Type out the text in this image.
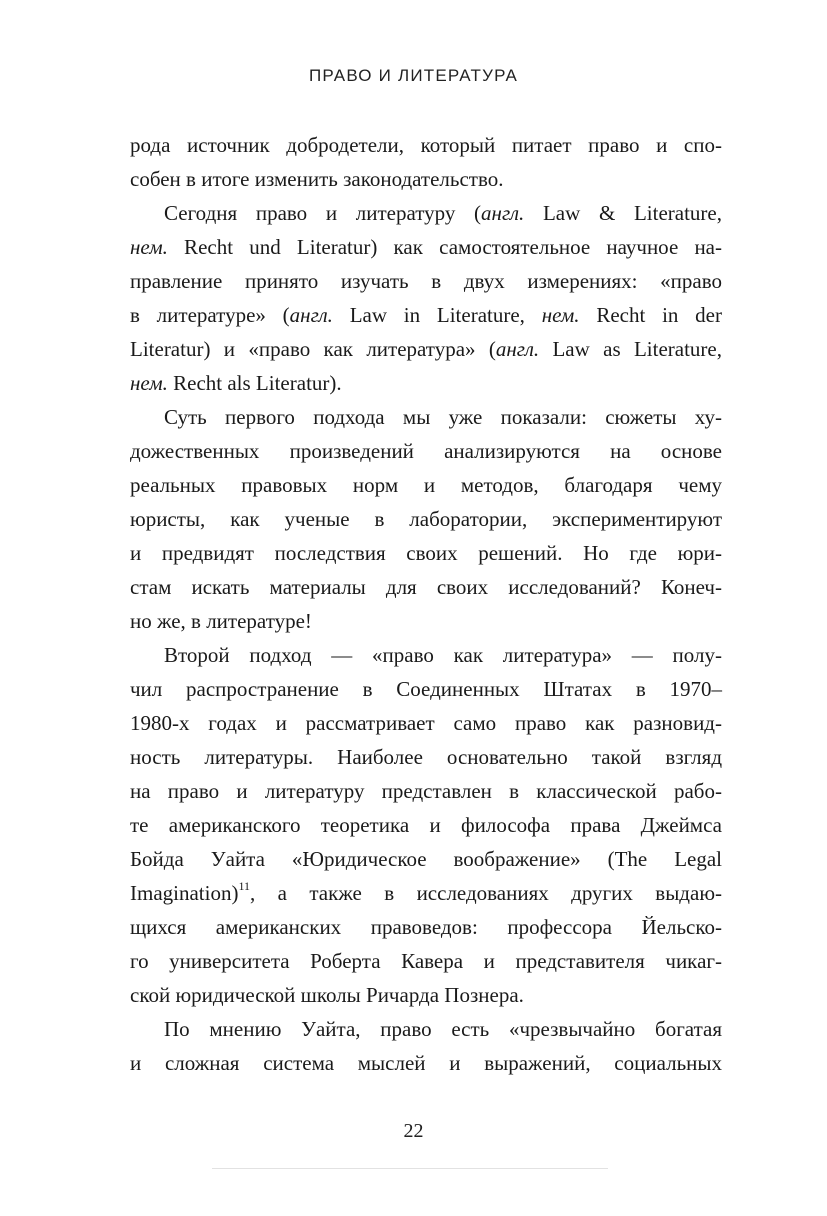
ПРАВО И ЛИТЕРАТУРА
рода источник добродетели, который питает право и спо-
собен в итоге изменить законодательство.
Сегодня право и литературу (англ. Law & Literature,
нем. Recht und Literatur) как самостоятельное научное на-
правление принято изучать в двух измерениях: «право
в литературе» (англ. Law in Literature, нем. Recht in der
Literatur) и «право как литература» (англ. Law as Literature,
нем. Recht als Literatur).
Суть первого подхода мы уже показали: сюжеты ху-
дожественных произведений анализируются на основе
реальных правовых норм и методов, благодаря чему
юристы, как ученые в лаборатории, экспериментируют
и предвидят последствия своих решений. Но где юри-
стам искать материалы для своих исследований? Конеч-
но же, в литературе!
Второй подход — «право как литература» — полу-
чил распространение в Соединенных Штатах в 1970–
1980-х годах и рассматривает само право как разновид-
ность литературы. Наиболее основательно такой взгляд
на право и литературу представлен в классической рабо-
те американского теоретика и философа права Джеймса
Бойда Уайта «Юридическое воображение» (The Legal
Imagination)$^{11}$, а также в исследованиях других выдаю-
щихся американских правоведов: профессора Йельско-
го университета Роберта Кавера и представителя чикаг-
ской юридической школы Ричарда Познера.
По мнению Уайта, право есть «чрезвычайно богатая
и сложная система мыслей и выражений, социальных
22
